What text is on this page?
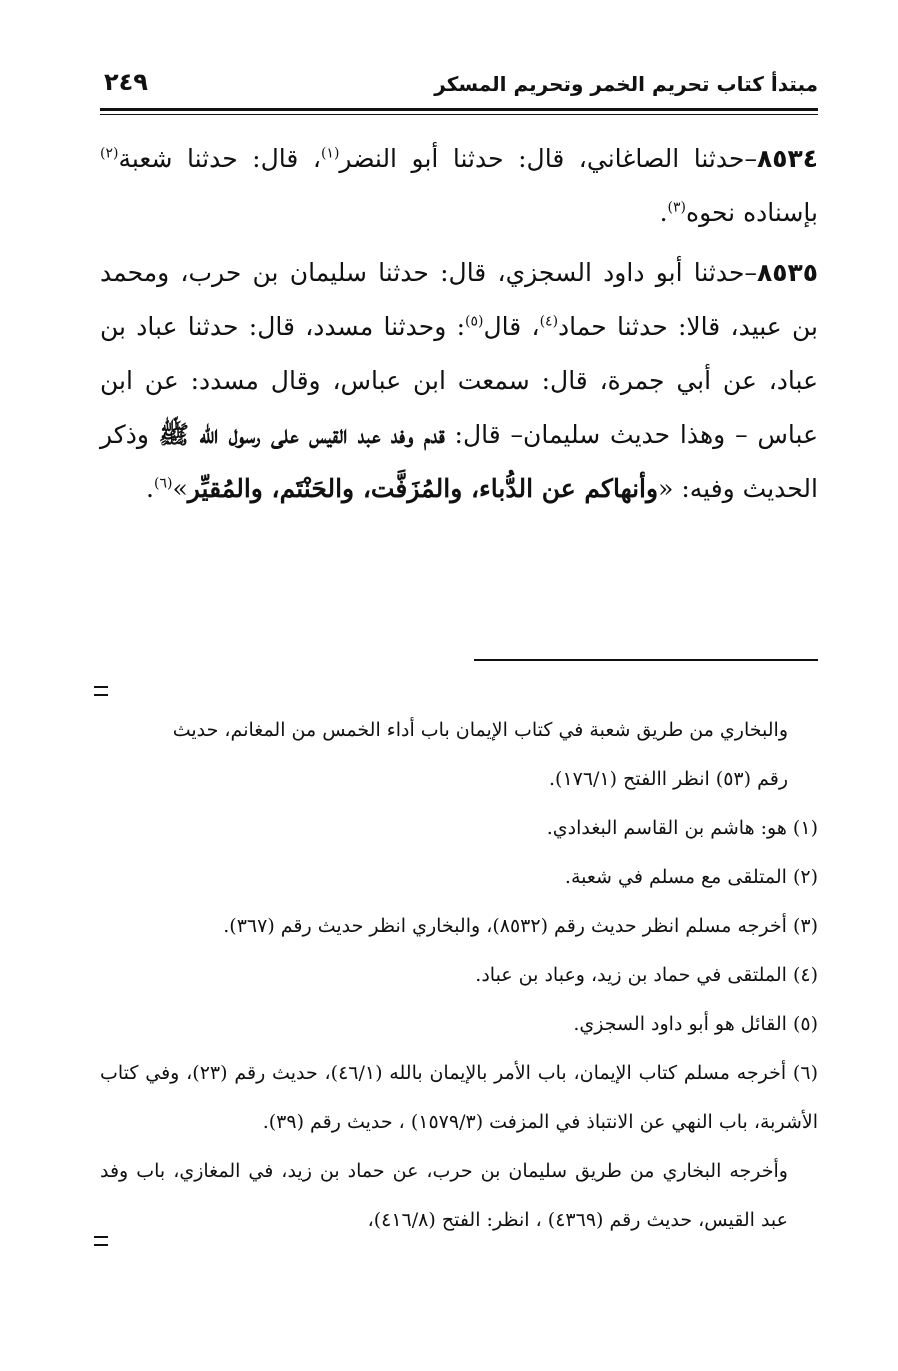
مبتدأ كتاب تحريم الخمر وتحريم المسكر
٢٤٩

٨٥٣٤–حدثنا الصاغاني، قال: حدثنا أبو النضر$^{(١)}$، قال: حدثنا شعبة$^{(٢)}$ بإسناده نحوه$^{(٣)}$.

٨٥٣٥–حدثنا أبو داود السجزي، قال: حدثنا سليمان بن حرب، ومحمد بن عبيد، قالا: حدثنا حماد$^{(٤)}$، قال$^{(٥)}$: وحدثنا مسدد، قال: حدثنا عباد بن عباد، عن أبي جمرة، قال: سمعت ابن عباس، وقال مسدد: عن ابن عباس – وهذا حديث سليمان– قال: قدم وفد عبد القيس على رسول الله ﷺ وذكر الحديث وفيه: «وأنهاكم عن الدُّباء، والمُزَفَّت، والحَنْتَم، والمُقيِّر»$^{(٦)}$.

والبخاري من طريق شعبة في كتاب الإيمان باب أداء الخمس من المغانم، حديث

رقم (٥٣) انظر االفتح (١٧٦/١).

(١) هو: هاشم بن القاسم البغدادي.

(٢) المتلقى مع مسلم في شعبة.

(٣) أخرجه مسلم انظر حديث رقم (٨٥٣٢)، والبخاري انظر حديث رقم (٣٦٧).

(٤) الملتقى في حماد بن زيد، وعباد بن عباد.

(٥) القائل هو أبو داود السجزي.

(٦) أخرجه مسلم كتاب الإيمان، باب الأمر بالإيمان بالله (٤٦/١)، حديث رقم (٢٣)، وفي كتاب الأشربة، باب النهي عن الانتباذ في المزفت (١٥٧٩/٣) ، حديث رقم (٣٩).

وأخرجه البخاري من طريق سليمان بن حرب، عن حماد بن زيد، في المغازي، باب وفد عبد القيس، حديث رقم (٤٣٦٩) ، انظر: الفتح (٤١٦/٨)،
